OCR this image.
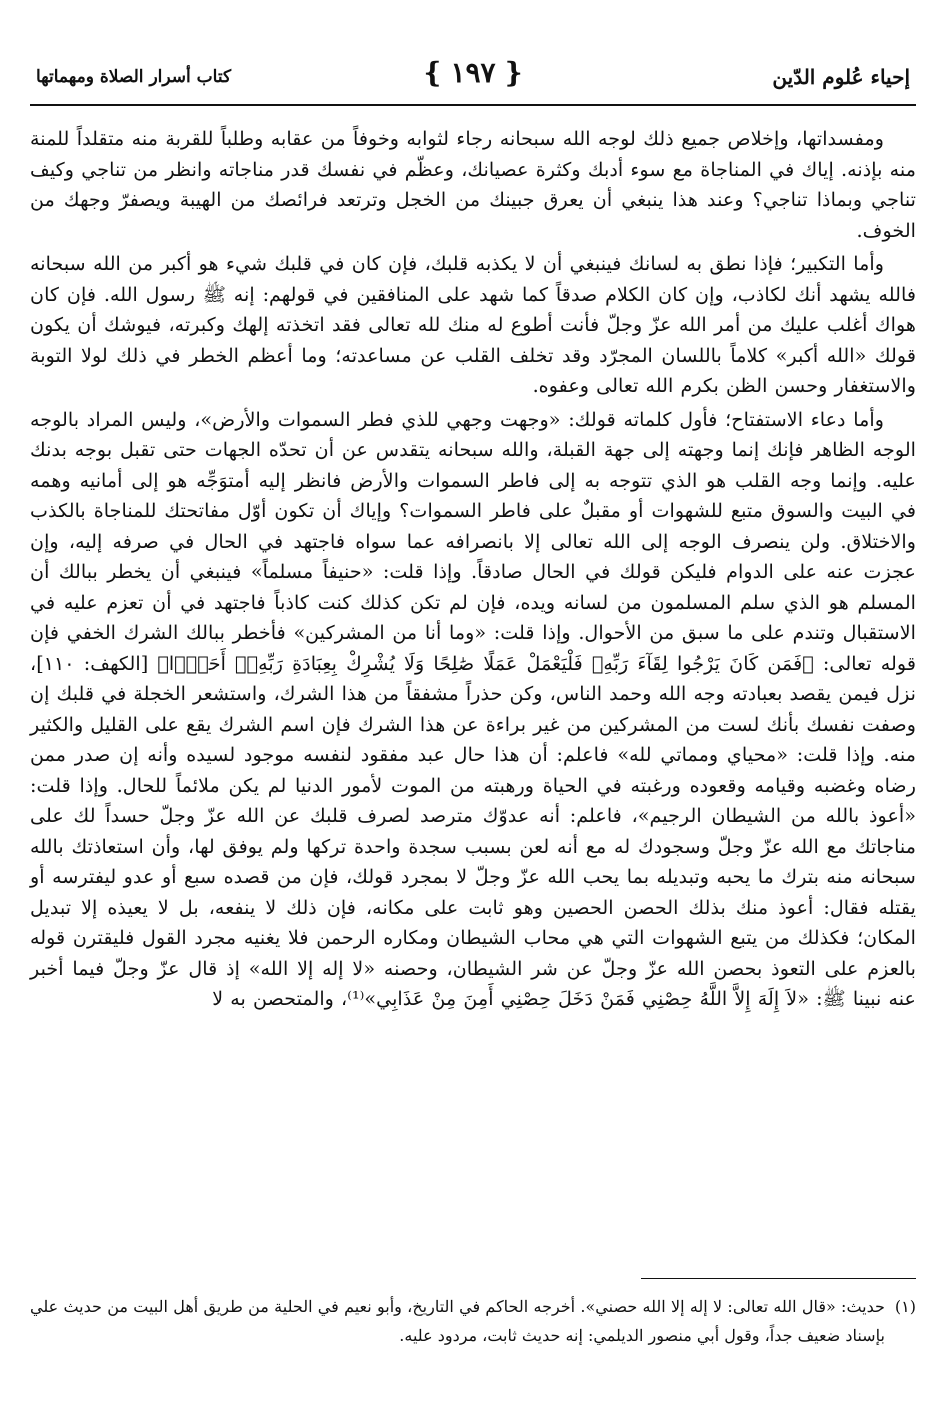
إحياء عُلوم الدّين
❴
١٩٧
❵
كتاب أسرار الصلاة ومهماتها

ومفسداتها، وإخلاص جميع ذلك لوجه الله سبحانه رجاء لثوابه وخوفاً من عقابه وطلباً للقربة منه متقلداً للمنة منه بإذنه. إياك في المناجاة مع سوء أدبك وكثرة عصيانك، وعظّم في نفسك قدر مناجاته وانظر من تناجي وكيف تناجي وبماذا تناجي؟ وعند هذا ينبغي أن يعرق جبينك من الخجل وترتعد فرائصك من الهيبة ويصفرّ وجهك من الخوف.

وأما التكبير؛ فإذا نطق به لسانك فينبغي أن لا يكذبه قلبك، فإن كان في قلبك شيء هو أكبر من الله سبحانه فالله يشهد أنك لكاذب، وإن كان الكلام صدقاً كما شهد على المنافقين في قولهم: إنه ﷺ رسول الله. فإن كان هواك أغلب عليك من أمر الله عزّ وجلّ فأنت أطوع له منك لله تعالى فقد اتخذته إلهك وكبرته، فيوشك أن يكون قولك «الله أكبر» كلاماً باللسان المجرّد وقد تخلف القلب عن مساعدته؛ وما أعظم الخطر في ذلك لولا التوبة والاستغفار وحسن الظن بكرم الله تعالى وعفوه.

وأما دعاء الاستفتاح؛ فأول كلماته قولك: «وجهت وجهي للذي فطر السموات والأرض»، وليس المراد بالوجه الوجه الظاهر فإنك إنما وجهته إلى جهة القبلة، والله سبحانه يتقدس عن أن تحدّه الجهات حتى تقبل بوجه بدنك عليه. وإنما وجه القلب هو الذي تتوجه به إلى فاطر السموات والأرض فانظر إليه أمتوَجِّه هو إلى أمانيه وهمه في البيت والسوق متبع للشهوات أو مقبلٌ على فاطر السموات؟ وإياك أن تكون أوّل مفاتحتك للمناجاة بالكذب والاختلاق. ولن ينصرف الوجه إلى الله تعالى إلا بانصرافه عما سواه فاجتهد في الحال في صرفه إليه، وإن عجزت عنه على الدوام فليكن قولك في الحال صادقاً. وإذا قلت: «حنيفاً مسلماً» فينبغي أن يخطر ببالك أن المسلم هو الذي سلم المسلمون من لسانه ويده، فإن لم تكن كذلك كنت كاذباً فاجتهد في أن تعزم عليه في الاستقبال وتندم على ما سبق من الأحوال. وإذا قلت: «وما أنا من المشركين» فأخطر ببالك الشرك الخفي فإن قوله تعالى: ﴿فَمَن كَانَ يَرْجُوا لِقَآءَ رَبِّهِۦ فَلْيَعْمَلْ عَمَلًا صَٰلِحًا وَلَا يُشْرِكْ بِعِبَادَةِ رَبِّهِۦٓ أَحَدًۢا﴾ [الكهف: ١١٠]، نزل فيمن يقصد بعبادته وجه الله وحمد الناس، وكن حذراً مشفقاً من هذا الشرك، واستشعر الخجلة في قلبك إن وصفت نفسك بأنك لست من المشركين من غير براءة عن هذا الشرك فإن اسم الشرك يقع على القليل والكثير منه. وإذا قلت: «محياي ومماتي لله» فاعلم: أن هذا حال عبد مفقود لنفسه موجود لسيده وأنه إن صدر ممن رضاه وغضبه وقيامه وقعوده ورغبته في الحياة ورهبته من الموت لأمور الدنيا لم يكن ملائماً للحال. وإذا قلت: «أعوذ بالله من الشيطان الرجيم»، فاعلم: أنه عدوّك مترصد لصرف قلبك عن الله عزّ وجلّ حسداً لك على مناجاتك مع الله عزّ وجلّ وسجودك له مع أنه لعن بسبب سجدة واحدة تركها ولم يوفق لها، وأن استعاذتك بالله سبحانه منه بترك ما يحبه وتبديله بما يحب الله عزّ وجلّ لا بمجرد قولك، فإن من قصده سبع أو عدو ليفترسه أو يقتله فقال: أعوذ منك بذلك الحصن الحصين وهو ثابت على مكانه، فإن ذلك لا ينفعه، بل لا يعيذه إلا تبديل المكان؛ فكذلك من يتبع الشهوات التي هي محاب الشيطان ومكاره الرحمن فلا يغنيه مجرد القول فليقترن قوله بالعزم على التعوذ بحصن الله عزّ وجلّ عن شر الشيطان، وحصنه «لا إله إلا الله» إذ قال عزّ وجلّ فيما أخبر عنه نبينا ﷺ: «لاَ إِلَهَ إِلاَّ اللَّهُ حِصْنِي فَمَنْ دَخَلَ حِصْنِي أَمِنَ مِنْ عَذَابِي»⁽¹⁾، والمتحصن به لا

(١)
حديث: «قال الله تعالى: لا إله إلا الله حصني». أخرجه الحاكم في التاريخ، وأبو نعيم في الحلية من طريق أهل البيت من حديث علي بإسناد ضعيف جداً، وقول أبي منصور الديلمي: إنه حديث ثابت، مردود عليه.
